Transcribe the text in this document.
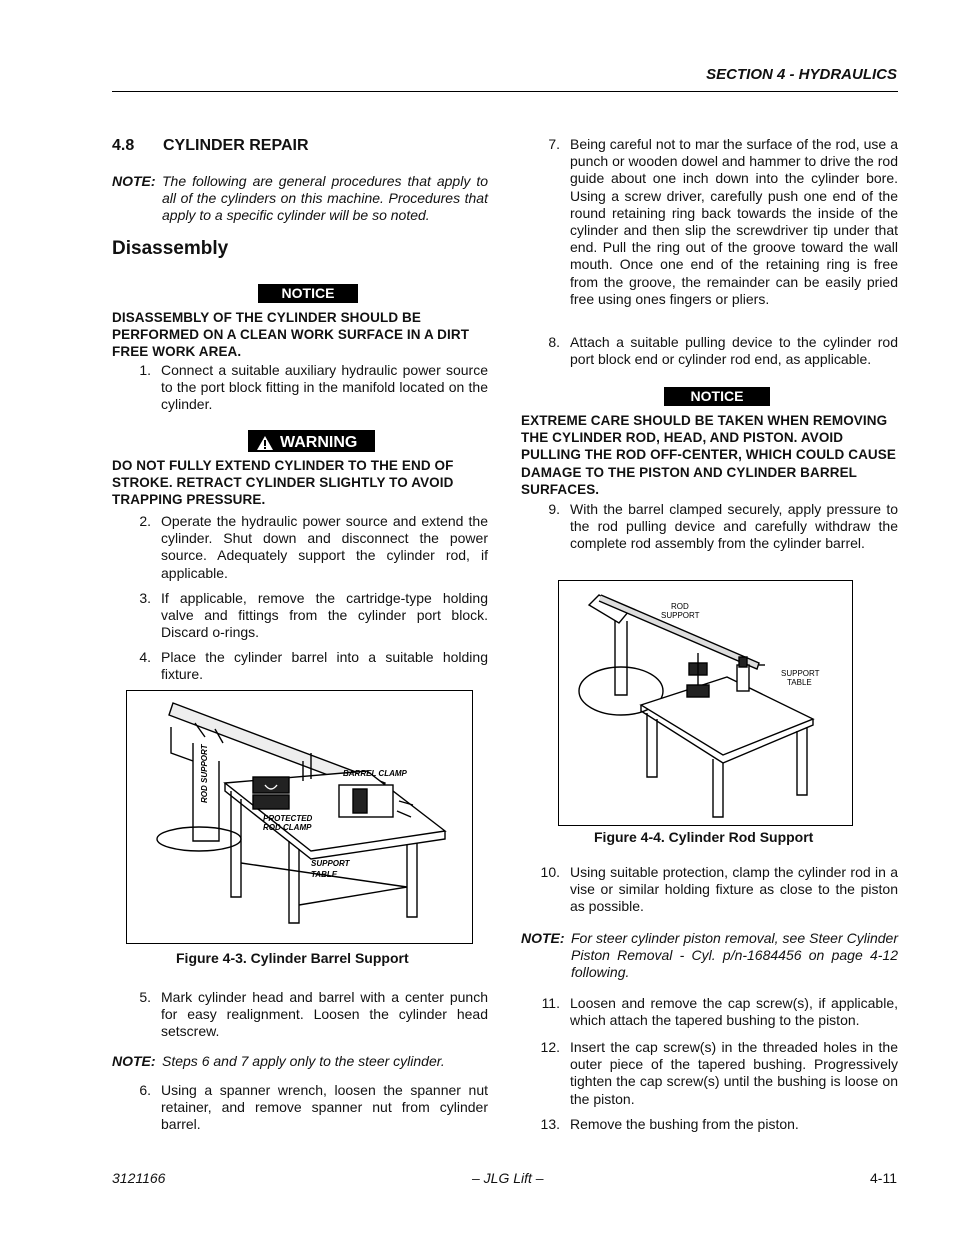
SECTION 4 - HYDRAULICS
4.8 CYLINDER REPAIR
NOTE: The following are general procedures that apply to all of the cylinders on this machine. Procedures that apply to a specific cylinder will be so noted.
Disassembly
NOTICE
DISASSEMBLY OF THE CYLINDER SHOULD BE PERFORMED ON A CLEAN WORK SURFACE IN A DIRT FREE WORK AREA.
1. Connect a suitable auxiliary hydraulic power source to the port block fitting in the manifold located on the cylinder.
WARNING
DO NOT FULLY EXTEND CYLINDER TO THE END OF STROKE. RETRACT CYLINDER SLIGHTLY TO AVOID TRAPPING PRESSURE.
2. Operate the hydraulic power source and extend the cylinder. Shut down and disconnect the power source. Adequately support the cylinder rod, if applicable.
3. If applicable, remove the cartridge-type holding valve and fittings from the cylinder port block. Discard o-rings.
4. Place the cylinder barrel into a suitable holding fixture.
ROD SUPPORT	BARREL CLAMP
PROTECTED
ROD CLAMP
SUPPORT
TABLE
Figure 4-3. Cylinder Barrel Support
5. Mark cylinder head and barrel with a center punch for easy realignment. Loosen the cylinder head setscrew.
NOTE: Steps 6 and 7 apply only to the steer cylinder.
6. Using a spanner wrench, loosen the spanner nut retainer, and remove spanner nut from cylinder barrel.
7. Being careful not to mar the surface of the rod, use a punch or wooden dowel and hammer to drive the rod guide about one inch down into the cylinder bore. Using a screw driver, carefully push one end of the round retaining ring back towards the inside of the cylinder and then slip the screwdriver tip under that end. Pull the ring out of the groove toward the wall mouth. Once one end of the retaining ring is free from the groove, the remainder can be easily pried free using ones fingers or pliers.
8. Attach a suitable pulling device to the cylinder rod port block end or cylinder rod end, as applicable.
NOTICE
EXTREME CARE SHOULD BE TAKEN WHEN REMOVING THE CYLINDER ROD, HEAD, AND PISTON. AVOID PULLING THE ROD OFF-CENTER, WHICH COULD CAUSE DAMAGE TO THE PISTON AND CYLINDER BARREL SURFACES.
9. With the barrel clamped securely, apply pressure to the rod pulling device and carefully withdraw the complete rod assembly from the cylinder barrel.
ROD
SUPPORT
SUPPORT
TABLE
Figure 4-4. Cylinder Rod Support
10. Using suitable protection, clamp the cylinder rod in a vise or similar holding fixture as close to the piston as possible.
NOTE: For steer cylinder piston removal, see Steer Cylinder Piston Removal - Cyl. p/n-1684456 on page 4-12 following.
11. Loosen and remove the cap screw(s), if applicable, which attach the tapered bushing to the piston.
12. Insert the cap screw(s) in the threaded holes in the outer piece of the tapered bushing. Progressively tighten the cap screw(s) until the bushing is loose on the piston.
13. Remove the bushing from the piston.
3121166	– JLG Lift –	4-11
